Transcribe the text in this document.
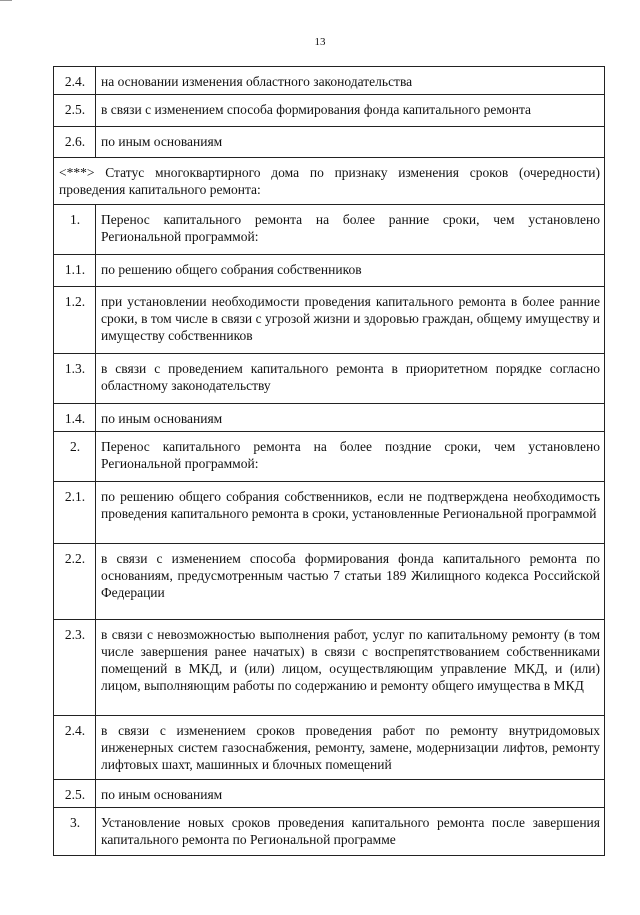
13
2.4.	на основании изменения областного законодательства
2.5.	в связи с изменением способа формирования фонда капитального ремонта
2.6.	по иным основаниям
<***> Статус многоквартирного дома по признаку изменения сроков (очередности) проведения капитального ремонта:	
1.	Перенос капитального ремонта на более ранние сроки, чем установлено Региональной программой:
1.1.	по решению общего собрания собственников
1.2.	при установлении необходимости проведения капитального ремонта в более ранние сроки, в том числе в связи с угрозой жизни и здоровью граждан, общему имуществу и имуществу собственников
1.3.	в связи с проведением капитального ремонта в приоритетном порядке согласно областному законодательству
1.4.	по иным основаниям
2.	Перенос капитального ремонта на более поздние сроки, чем установлено Региональной программой:
2.1.	по решению общего собрания собственников, если не подтверждена необходимость проведения капитального ремонта в сроки, установленные Региональной программой
2.2.	в связи с изменением способа формирования фонда капитального ремонта по основаниям, предусмотренным частью 7 статьи 189 Жилищного кодекса Российской Федерации
2.3.	в связи с невозможностью выполнения работ, услуг по капитальному ремонту (в том числе завершения ранее начатых) в связи с воспрепятствованием собственниками помещений в МКД, и (или) лицом, осуществляющим управление МКД, и (или) лицом, выполняющим работы по содержанию и ремонту общего имущества в МКД
2.4.	в связи с изменением сроков проведения работ по ремонту внутридомовых инженерных систем газоснабжения, ремонту, замене, модернизации лифтов, ремонту лифтовых шахт, машинных и блочных помещений
2.5.	по иным основаниям
3.	Установление новых сроков проведения капитального ремонта после завершения капитального ремонта по Региональной программе
